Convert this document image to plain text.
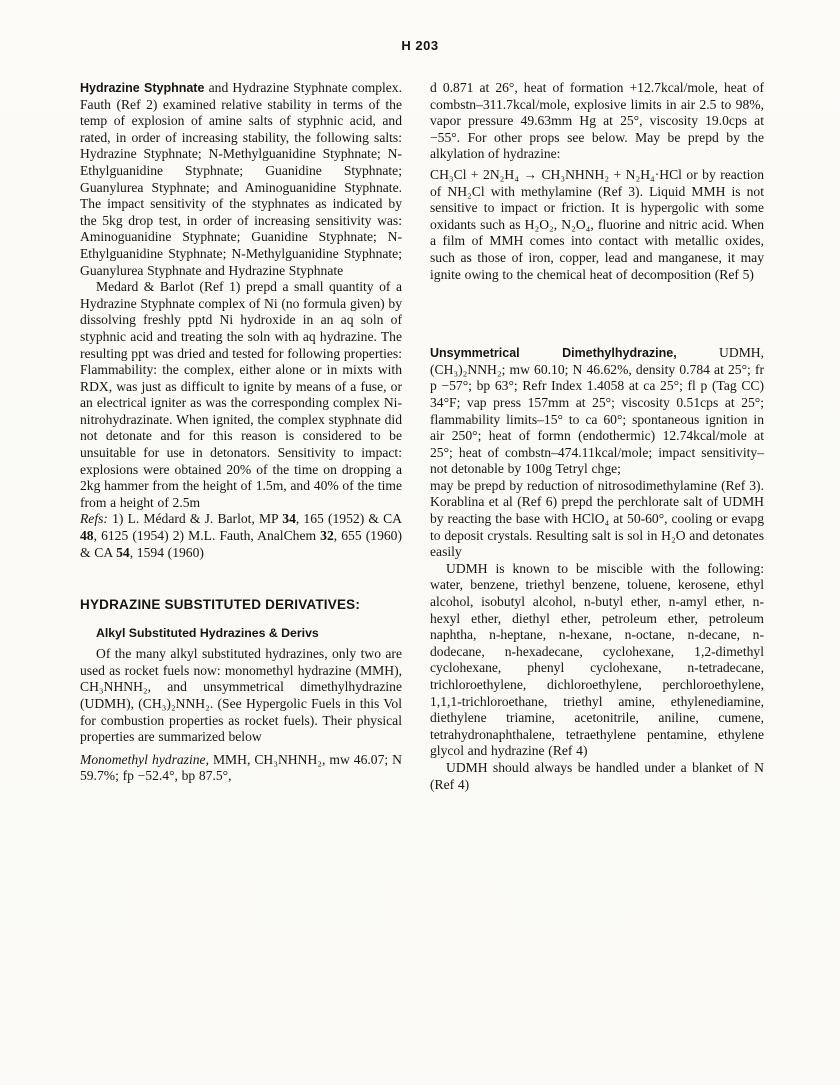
H 203

Hydrazine Styphnate and Hydrazine Styphnate complex. Fauth (Ref 2) examined relative stability in terms of the temp of explosion of amine salts of styphnic acid, and rated, in order of increasing stability, the following salts: Hydrazine Styphnate; N-Methylguanidine Styphnate; N-Ethylguanidine Styphnate; Guanidine Styphnate; Guanylurea Styphnate; and Aminoguanidine Styphnate. The impact sensitivity of the styphnates as indicated by the 5kg drop test, in order of increasing sensitivity was: Aminoguanidine Styphnate; Guanidine Styphnate; N-Ethylguanidine Styphnate; N-Methylguanidine Styphnate; Guanylurea Styphnate and Hydrazine Styphnate

Medard & Barlot (Ref 1) prepd a small quantity of a Hydrazine Styphnate complex of Ni (no formula given) by dissolving freshly pptd Ni hydroxide in an aq soln of styphnic acid and treating the soln with aq hydrazine. The resulting ppt was dried and tested for following properties: Flammability: the complex, either alone or in mixts with RDX, was just as difficult to ignite by means of a fuse, or an electrical igniter as was the corresponding complex Ni-nitrohydrazinate. When ignited, the complex styphnate did not detonate and for this reason is considered to be unsuitable for use in detonators. Sensitivity to impact: explosions were obtained 20% of the time on dropping a 2kg hammer from the height of 1.5m, and 40% of the time from a height of 2.5m

Refs: 1) L. Médard & J. Barlot, MP 34, 165 (1952) & CA 48, 6125 (1954) 2) M.L. Fauth, AnalChem 32, 655 (1960) & CA 54, 1594 (1960)

HYDRAZINE SUBSTITUTED DERIVATIVES:
Alkyl Substituted Hydrazines & Derivs

Of the many alkyl substituted hydrazines, only two are used as rocket fuels now: monomethyl hydrazine (MMH), CH₃NHNH₂, and unsymmetrical dimethylhydrazine (UDMH), (CH₃)₂NNH₂. (See Hypergolic Fuels in this Vol for combustion properties as rocket fuels). Their physical properties are summarized below

Monomethyl hydrazine, MMH, CH₃NHNH₂, mw 46.07; N 59.7%; fp −52.4°, bp 87.5°,

d 0.871 at 26°, heat of formation +12.7kcal/mole, heat of combstn–311.7kcal/mole, explosive limits in air 2.5 to 98%, vapor pressure 49.63mm Hg at 25°, viscosity 19.0cps at −55°. For other props see below. May be prepd by the alkylation of hydrazine:

CH₃Cl + 2N₂H₄ → CH₃NHNH₂ + N₂H₄·HCl or by reaction of NH₂Cl with methylamine (Ref 3). Liquid MMH is not sensitive to impact or friction. It is hypergolic with some oxidants such as H₂O₂, N₂O₄, fluorine and nitric acid. When a film of MMH comes into contact with metallic oxides, such as those of iron, copper, lead and manganese, it may ignite owing to the chemical heat of decomposition (Ref 5)

Unsymmetrical Dimethylhydrazine, UDMH, (CH₃)₂NNH₂; mw 60.10; N 46.62%, density 0.784 at 25°; fr p −57°; bp 63°; Refr Index 1.4058 at ca 25°; fl p (Tag CC) 34°F; vap press 157mm at 25°; viscosity 0.51cps at 25°; flammability limits–15° to ca 60°; spontaneous ignition in air 250°; heat of formn (endothermic) 12.74kcal/mole at 25°; heat of combstn–474.11kcal/mole; impact sensitivity–not detonable by 100g Tetryl chge;

may be prepd by reduction of nitrosodimethylamine (Ref 3). Korablina et al (Ref 6) prepd the perchlorate salt of UDMH by reacting the base with HClO₄ at 50-60°, cooling or evapg to deposit crystals. Resulting salt is sol in H₂O and detonates easily

UDMH is known to be miscible with the following: water, benzene, triethyl benzene, toluene, kerosene, ethyl alcohol, isobutyl alcohol, n-butyl ether, n-amyl ether, n-hexyl ether, diethyl ether, petroleum ether, petroleum naphtha, n-heptane, n-hexane, n-octane, n-decane, n-dodecane, n-hexadecane, cyclohexane, 1,2-dimethyl cyclohexane, phenyl cyclohexane, n-tetradecane, trichloroethylene, dichloroethylene, perchloroethylene, 1,1,1-trichloroethane, triethyl amine, ethylenediamine, diethylene triamine, acetonitrile, aniline, cumene, tetrahydronaphthalene, tetraethylene pentamine, ethylene glycol and hydrazine (Ref 4)

UDMH should always be handled under a blanket of N (Ref 4)
